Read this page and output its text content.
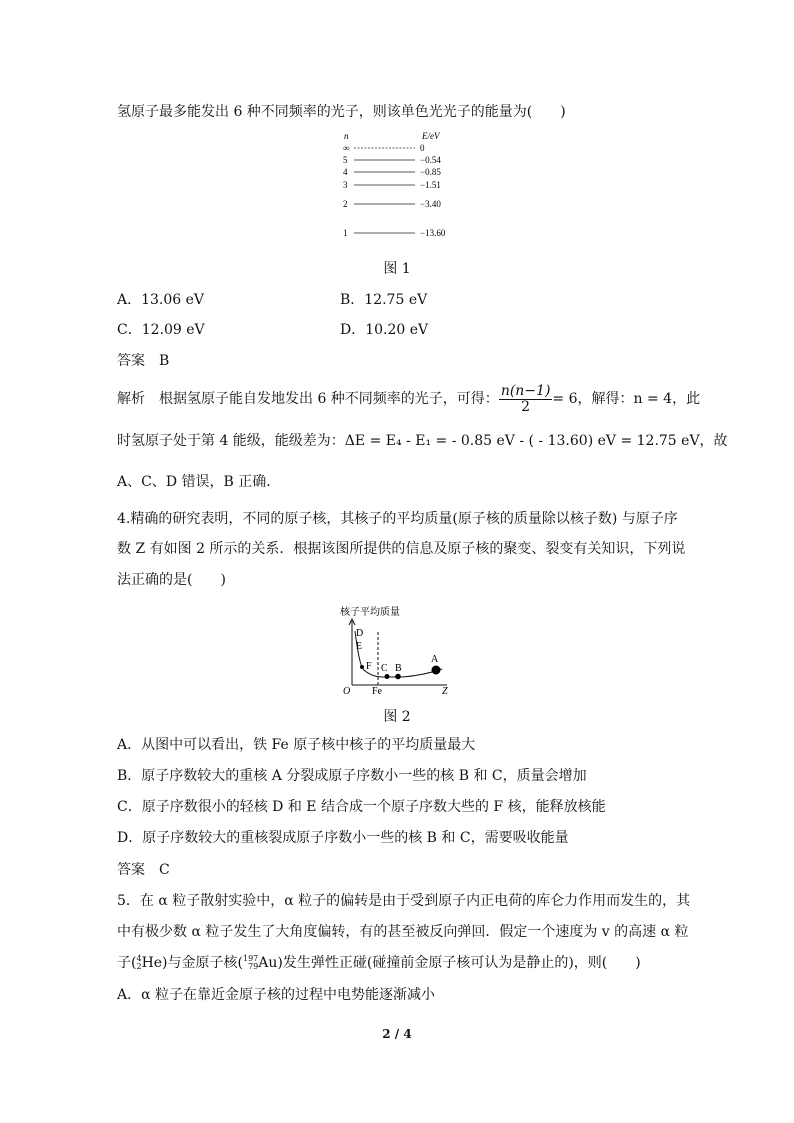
氢原子最多能发出 6 种不同频率的光子，则该单色光光子的能量为(　　)
n	E/eV
∞	0
5	−0.54
4	−0.85
3	−1.51
2	−3.40
1	−13.60
图 1
A．13.06 eV	B．12.75 eV
C．12.09 eV	D．10.20 eV
答案　B
解析　根据氢原子能自发地发出 6 种不同频率的光子，可得： $\frac{n(n-1)}{2} = 6$，解得：n = 4，此
时氢原子处于第 4 能级，能级差为：ΔE = E₄ - E₁ = - 0.85 eV - ( - 13.60) eV = 12.75 eV，故
A、C、D 错误，B 正确．
4.精确的研究表明，不同的原子核，其核子的平均质量(原子核的质量除以核子数) 与原子序
数 Z 有如图 2 所示的关系．根据该图所提供的信息及原子核的聚变、裂变有关知识，下列说
法正确的是(　　)
核子平均质量
D
E
F C B
A
O Fe	Z
图 2
A．从图中可以看出，铁 Fe 原子核中核子的平均质量最大
B．原子序数较大的重核 A 分裂成原子序数小一些的核 B 和 C，质量会增加
C．原子序数很小的轻核 D 和 E 结合成一个原子序数大些的 F 核，能释放核能
D．原子序数较大的重核裂成原子序数小一些的核 B 和 C，需要吸收能量
答案　C
5．在 α 粒子散射实验中，α 粒子的偏转是由于受到原子内正电荷的库仑力作用而发生的，其
中有极少数 α 粒子发生了大角度偏转，有的甚至被反向弹回．假定一个速度为 v 的高速 α 粒
子( 4
2 He)与金原子核( 197
79 Au)发生弹性正碰(碰撞前金原子核可认为是静止的)，则(　　)
A．α 粒子在靠近金原子核的过程中电势能逐渐减小
2 / 4
